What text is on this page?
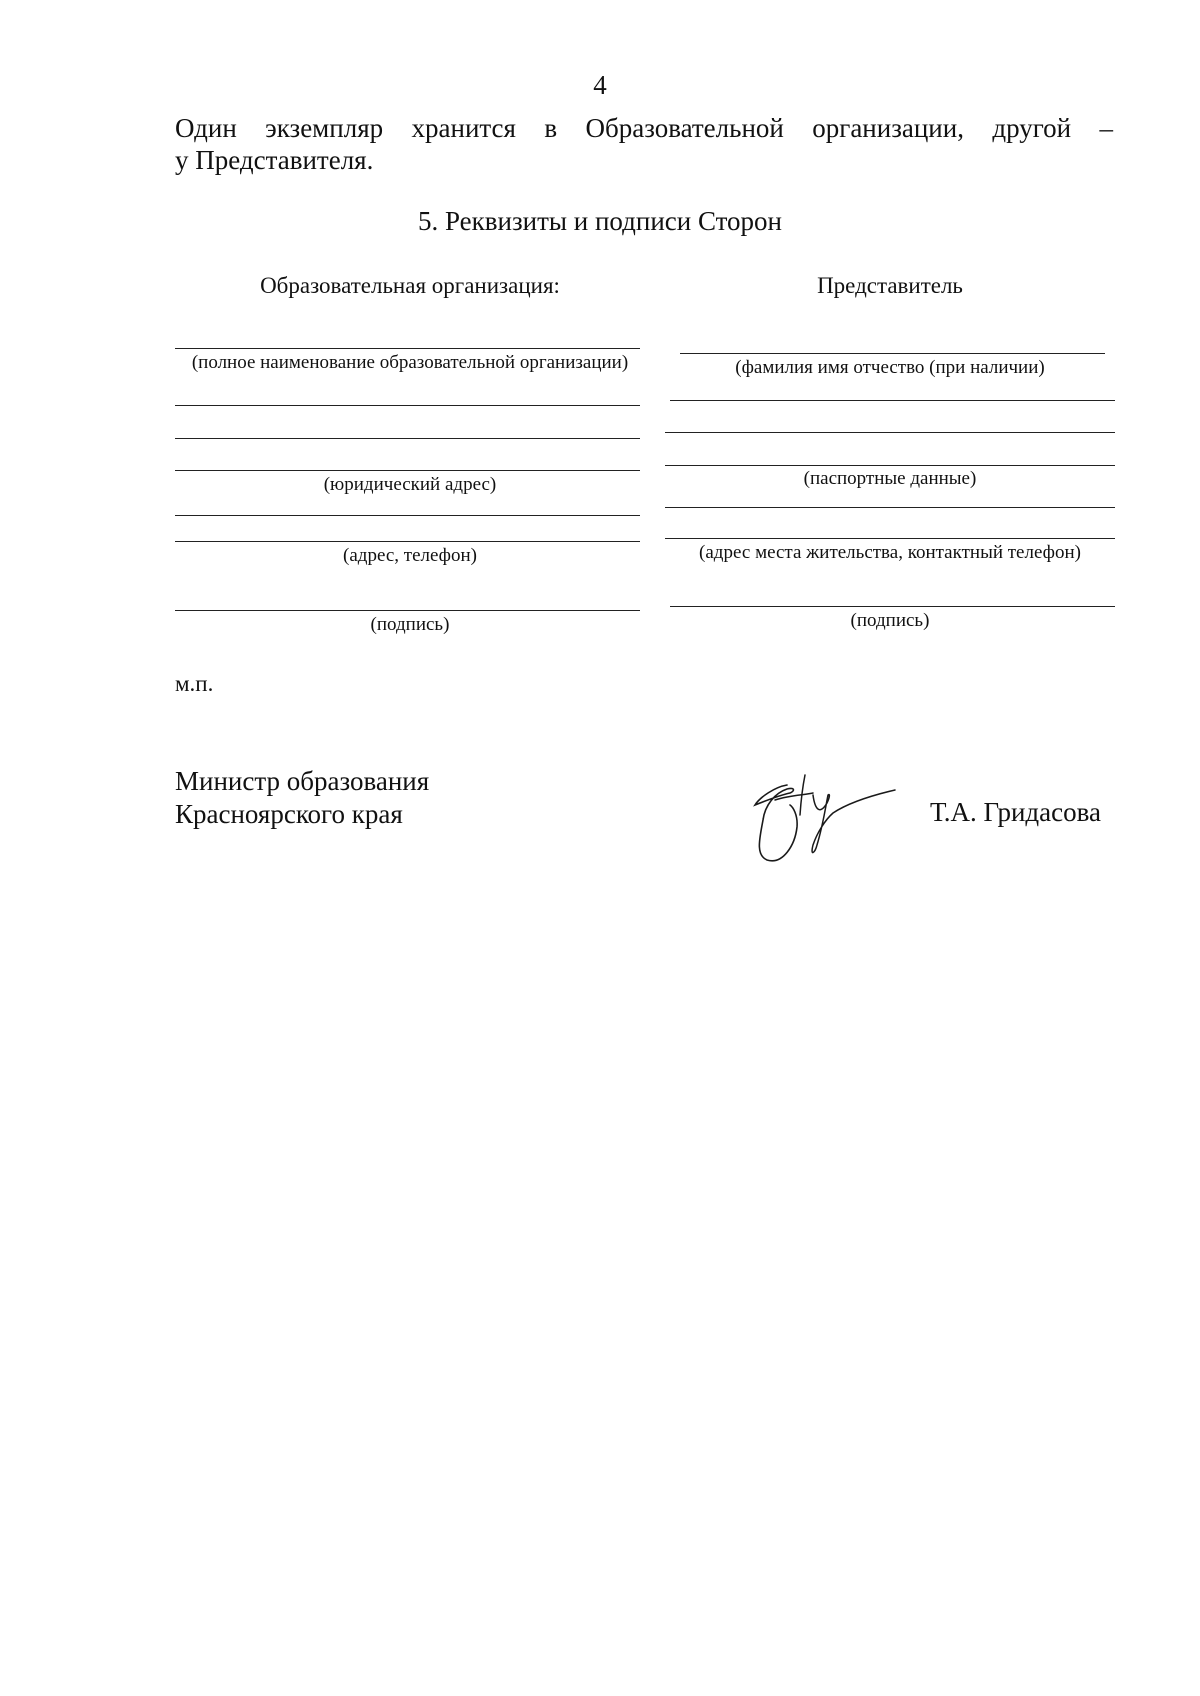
4
Один экземпляр хранится в Образовательной организации, другой –
у Представителя.
5. Реквизиты и подписи Сторон
Образовательная организация:
(полное наименование образовательной организации)
(юридический адрес)
(адрес, телефон)
(подпись)
Представитель
(фамилия имя отчество (при наличии)
(паспортные данные)
(адрес места жительства, контактный телефон)
(подпись)
м.п.
Министр образования
Красноярского края	Т.А. Гридасова
